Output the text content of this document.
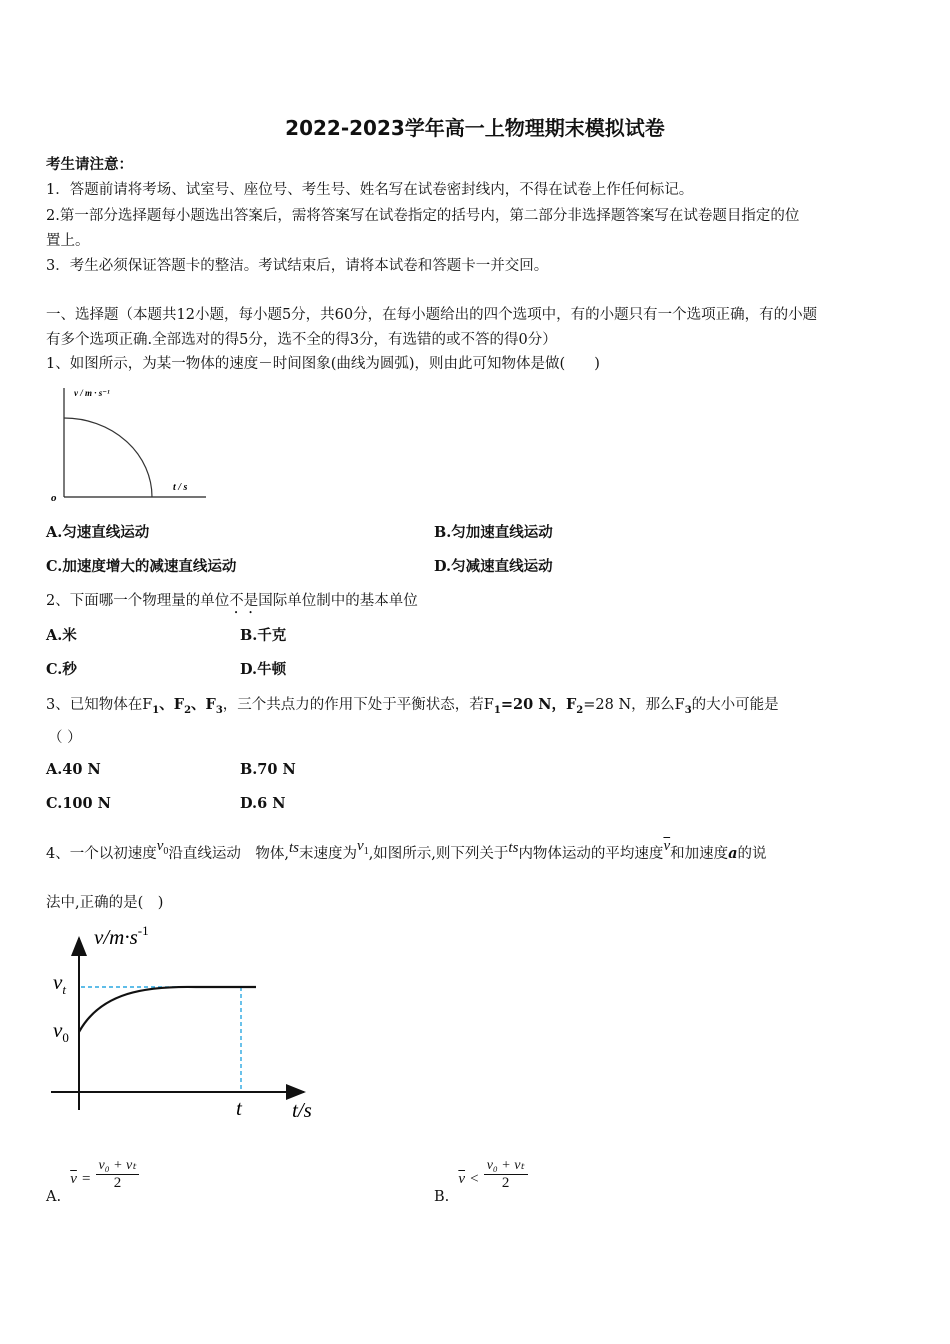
2022-2023学年高一上物理期末模拟试卷
考生请注意：
1．答题前请将考场、试室号、座位号、考生号、姓名写在试卷密封线内，不得在试卷上作任何标记。
2.第一部分选择题每小题选出答案后，需将答案写在试卷指定的括号内，第二部分非选择题答案写在试卷题目指定的位
置上。
3．考生必须保证答题卡的整洁。考试结束后，请将本试卷和答题卡一并交回。
一、选择题（本题共12小题，每小题5分，共60分，在每小题给出的四个选项中，有的小题只有一个选项正确，有的小题
有多个选项正确.全部选对的得5分，选不全的得3分，有选错的或不答的得0分）
1、如图所示，为某一物体的速度－时间图象(曲线为圆弧)，则由此可知物体是做(　　)
v / m · s⁻¹
t / s
o
A.匀速直线运动	B.匀加速直线运动
C.加速度增大的减速直线运动	D.匀减速直线运动
2、下面哪一个物理量的单位不是国际单位制中的基本单位
A.米	B.千克
C.秒	D.牛顿
3、已知物体在$F_1$、$F_2$、$F_3$，三个共点力的作用下处于平衡状态，若$F_1=20$ N，$F_2=28$ N，那么$F_3$的大小可能是
（ ）
A.40 N	B.70 N
C.100 N	D.6 N
4、一个以初速度$v_0$沿直线运动　物体,ts末速度为$v_1$,如图所示,则下列关于ts内物体运动的平均速度$\overline{v}$和加速度a的说
法中,正确的是(　)
$v/m\cdot s^{-1}$
$v_t$
$v_0$
t t/s
A. $\overline{v} = \frac{\text{v₀ + vₜ}}{2}$
B. $\overline{v} < \frac{\text{v₀ + vₜ}}{2}$
